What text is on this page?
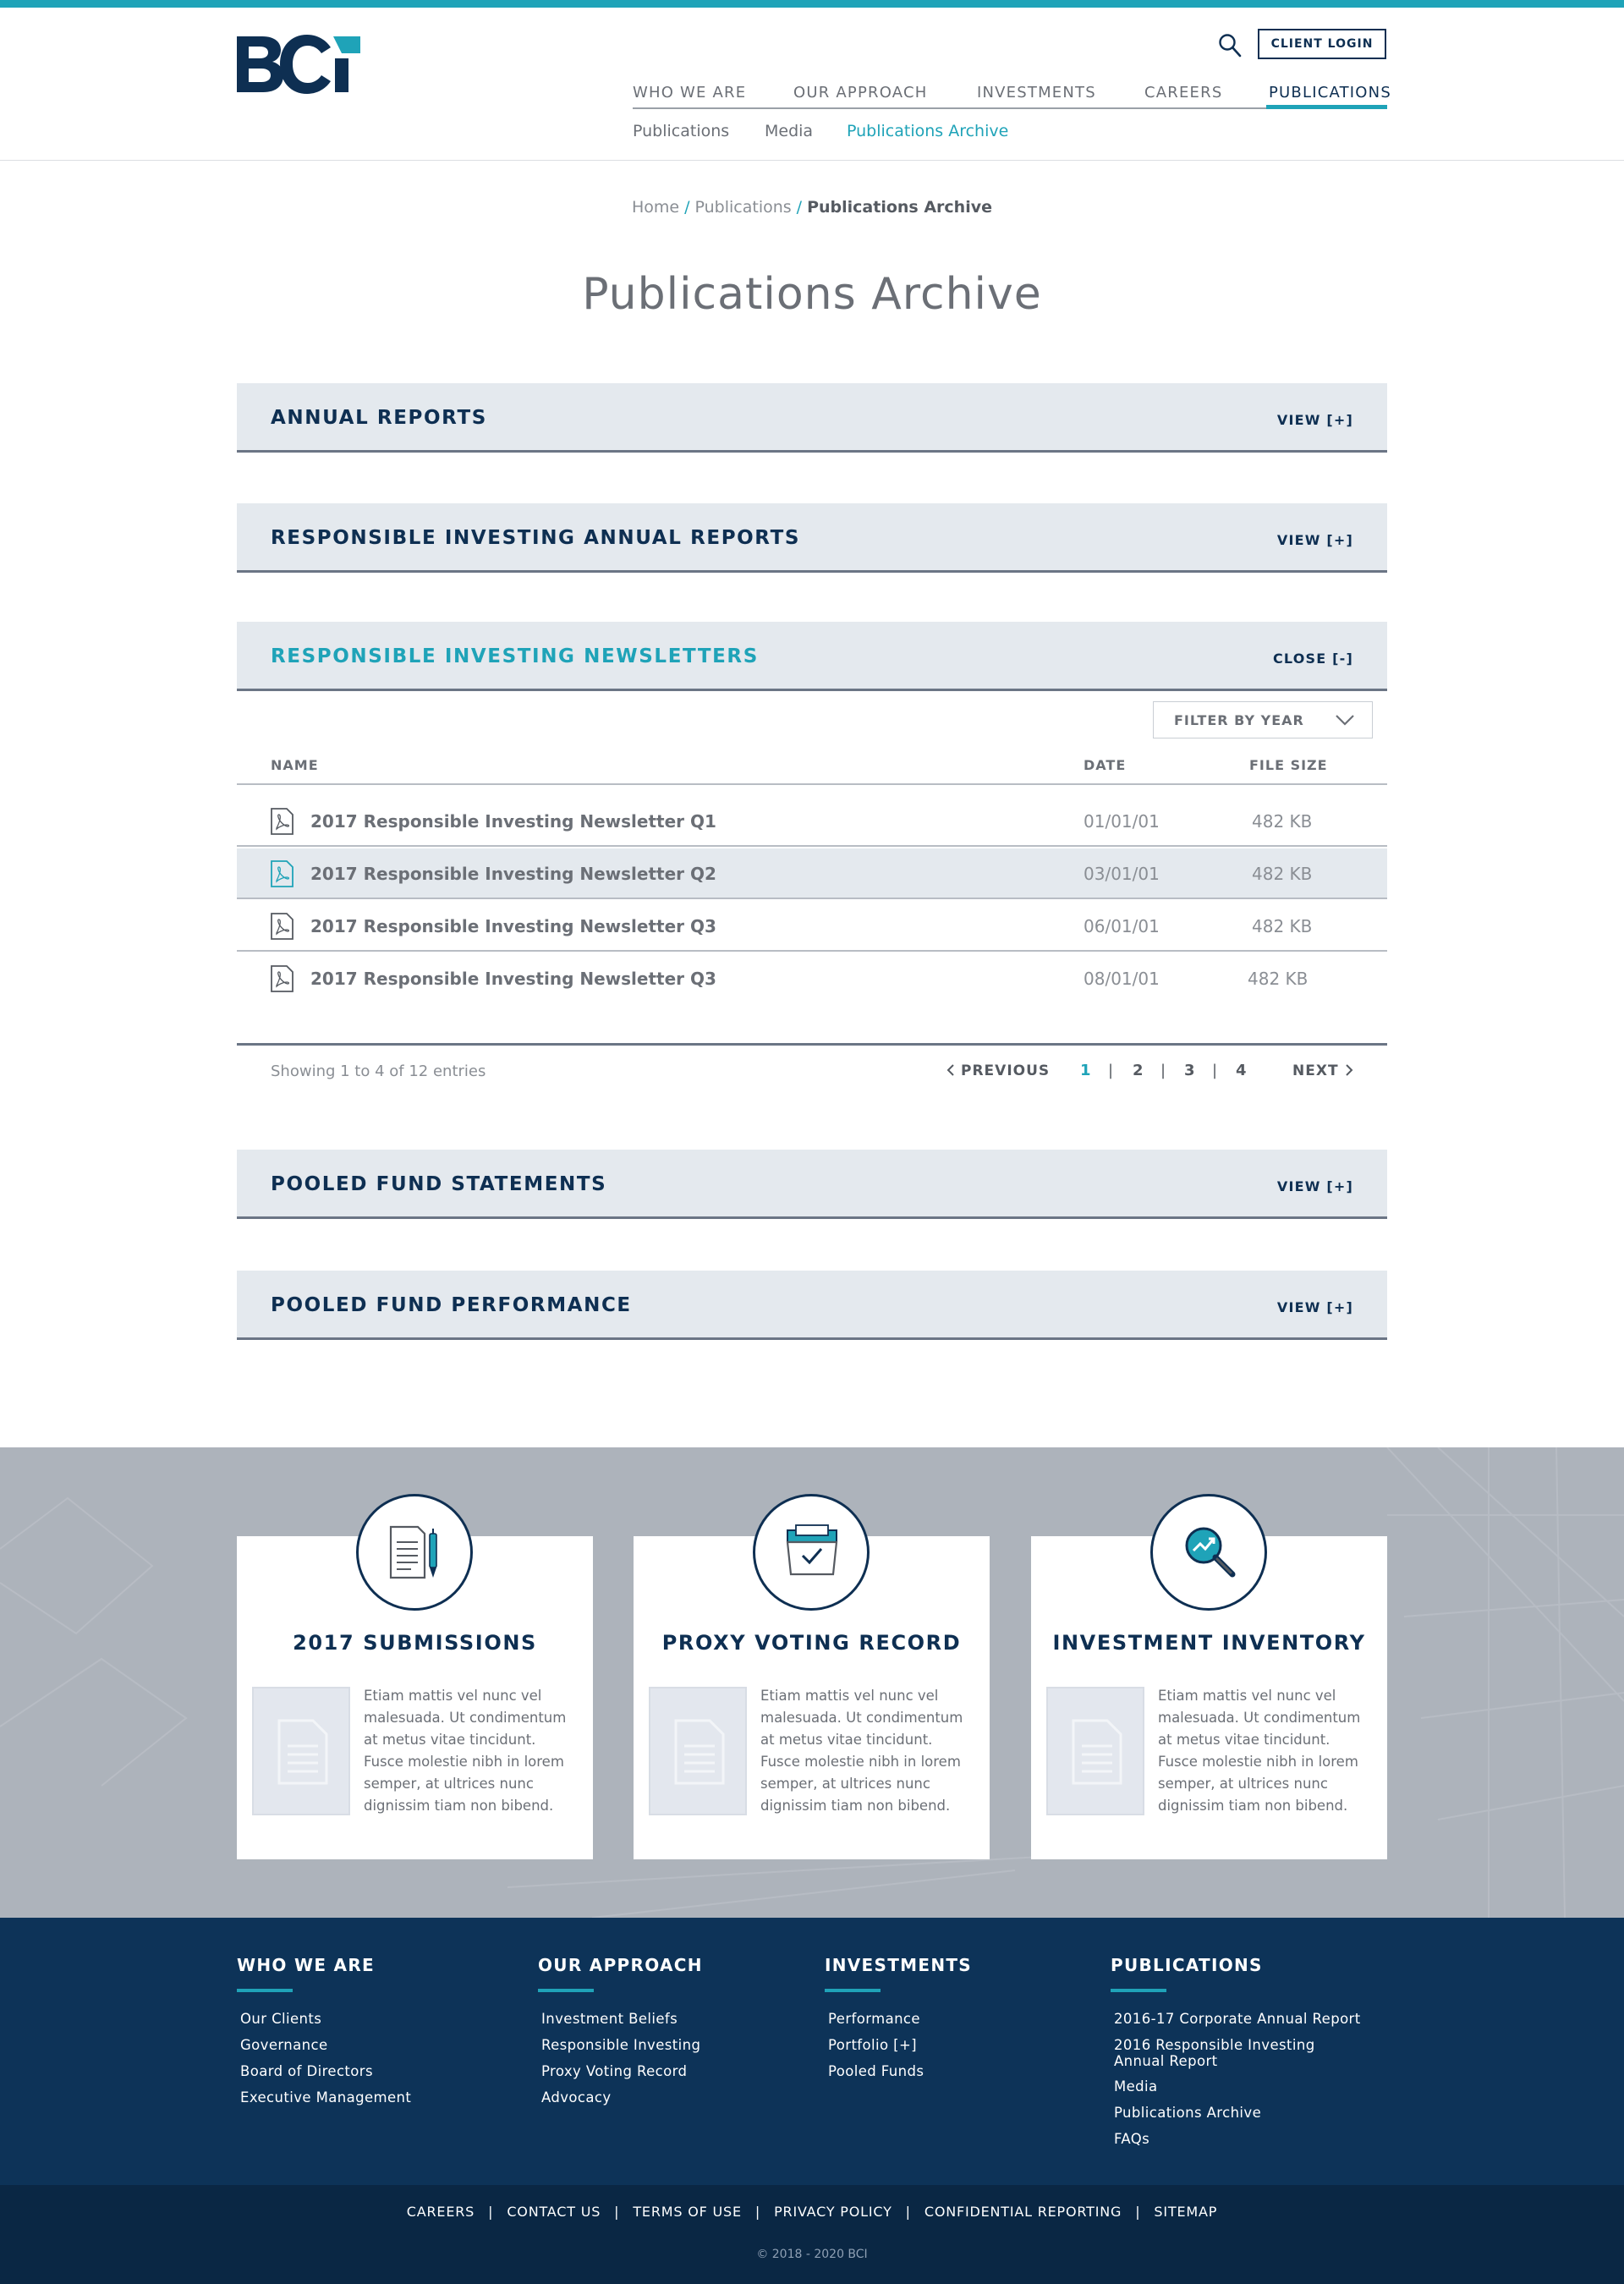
CLIENT LOGIN
WHO WE ARE	OUR APPROACH	INVESTMENTS	CAREERS	PUBLICATIONS
Publications Media Publications Archive
Home / Publications / Publications Archive
Publications Archive
ANNUAL REPORTS	VIEW [+]
RESPONSIBLE INVESTING ANNUAL REPORTS	VIEW [+]
RESPONSIBLE INVESTING NEWSLETTERS	CLOSE [-]
FILTER BY YEAR
NAME	DATE	FILE SIZE
2017 Responsible Investing Newsletter Q1	01/01/01	482 KB
2017 Responsible Investing Newsletter Q2	03/01/01	482 KB
2017 Responsible Investing Newsletter Q3	06/01/01	482 KB
2017 Responsible Investing Newsletter Q3	08/01/01	482 KB
Showing 1 to 4 of 12 entries	PREVIOUS 1 | 2 | 3 | 4	NEXT
POOLED FUND STATEMENTS	VIEW [+]
POOLED FUND PERFORMANCE	VIEW [+]
2017 SUBMISSIONS
Etiam mattis vel nunc vel malesuada. Ut condimentum at metus vitae tincidunt. Fusce molestie nibh in lorem semper, at ultrices nunc dignissim tiam non bibend.
PROXY VOTING RECORD
Etiam mattis vel nunc vel malesuada. Ut condimentum at metus vitae tincidunt. Fusce molestie nibh in lorem semper, at ultrices nunc dignissim tiam non bibend.
INVESTMENT INVENTORY
Etiam mattis vel nunc vel malesuada. Ut condimentum at metus vitae tincidunt. Fusce molestie nibh in lorem semper, at ultrices nunc dignissim tiam non bibend.
WHO WE ARE
Our Clients
Governance
Board of Directors
Executive Management
OUR APPROACH
Investment Beliefs
Responsible Investing
Proxy Voting Record
Advocacy
INVESTMENTS
Performance
Portfolio [+]
Pooled Funds
PUBLICATIONS
2016-17 Corporate Annual Report
2016 Responsible Investing Annual Report
Media
Publications Archive
FAQs
CAREERS | CONTACT US | TERMS OF USE | PRIVACY POLICY | CONFIDENTIAL REPORTING | SITEMAP
© 2018 - 2020 BCI
